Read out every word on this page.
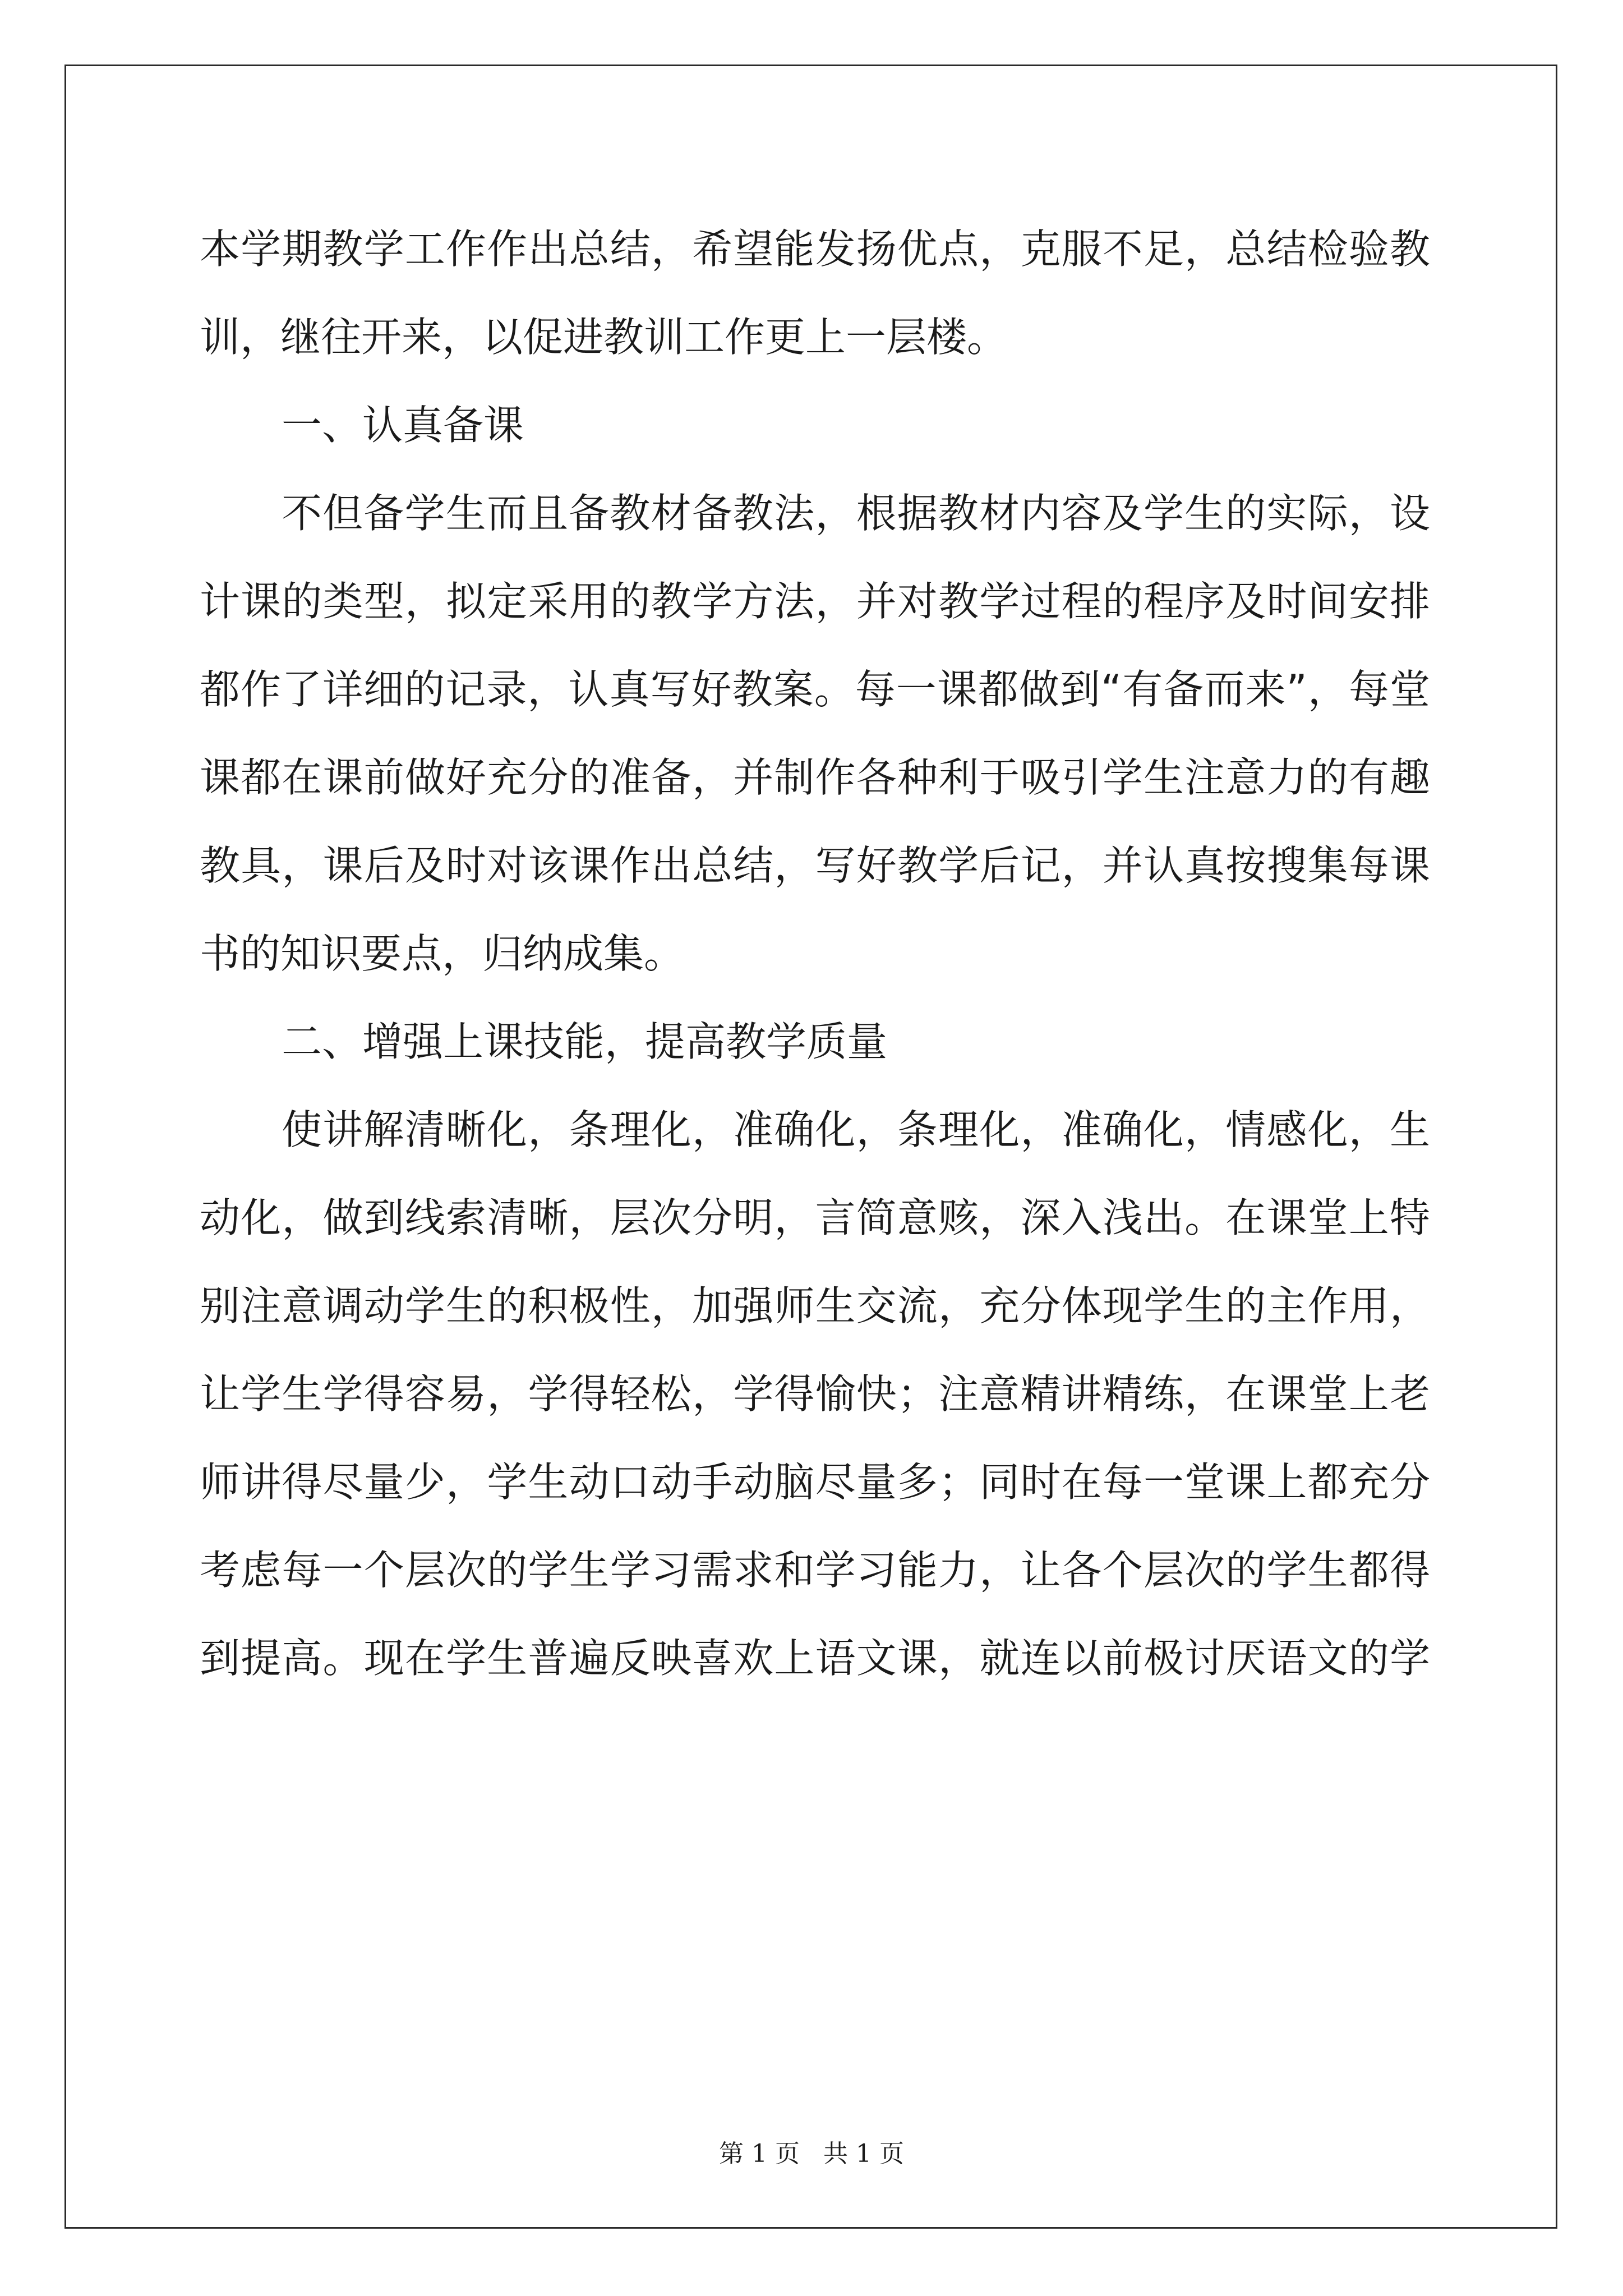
本学期教学工作作出总结，希望能发扬优点，克服不足，总结检验教
训，继往开来，以促进教训工作更上一层楼。
一、认真备课
不但备学生而且备教材备教法，根据教材内容及学生的实际，设
计课的类型，拟定采用的教学方法，并对教学过程的程序及时间安排
都作了详细的记录，认真写好教案。每一课都做到“有备而来”，每堂
课都在课前做好充分的准备，并制作各种利于吸引学生注意力的有趣
教具，课后及时对该课作出总结，写好教学后记，并认真按搜集每课
书的知识要点，归纳成集。
二、增强上课技能，提高教学质量
使讲解清晰化，条理化，准确化，条理化，准确化，情感化，生
动化，做到线索清晰，层次分明，言简意赅，深入浅出。在课堂上特
别注意调动学生的积极性，加强师生交流，充分体现学生的主作用，
让学生学得容易，学得轻松，学得愉快；注意精讲精练，在课堂上老
师讲得尽量少，学生动口动手动脑尽量多；同时在每一堂课上都充分
考虑每一个层次的学生学习需求和学习能力，让各个层次的学生都得
到提高。现在学生普遍反映喜欢上语文课，就连以前极讨厌语文的学
第 1 页 共 1 页
